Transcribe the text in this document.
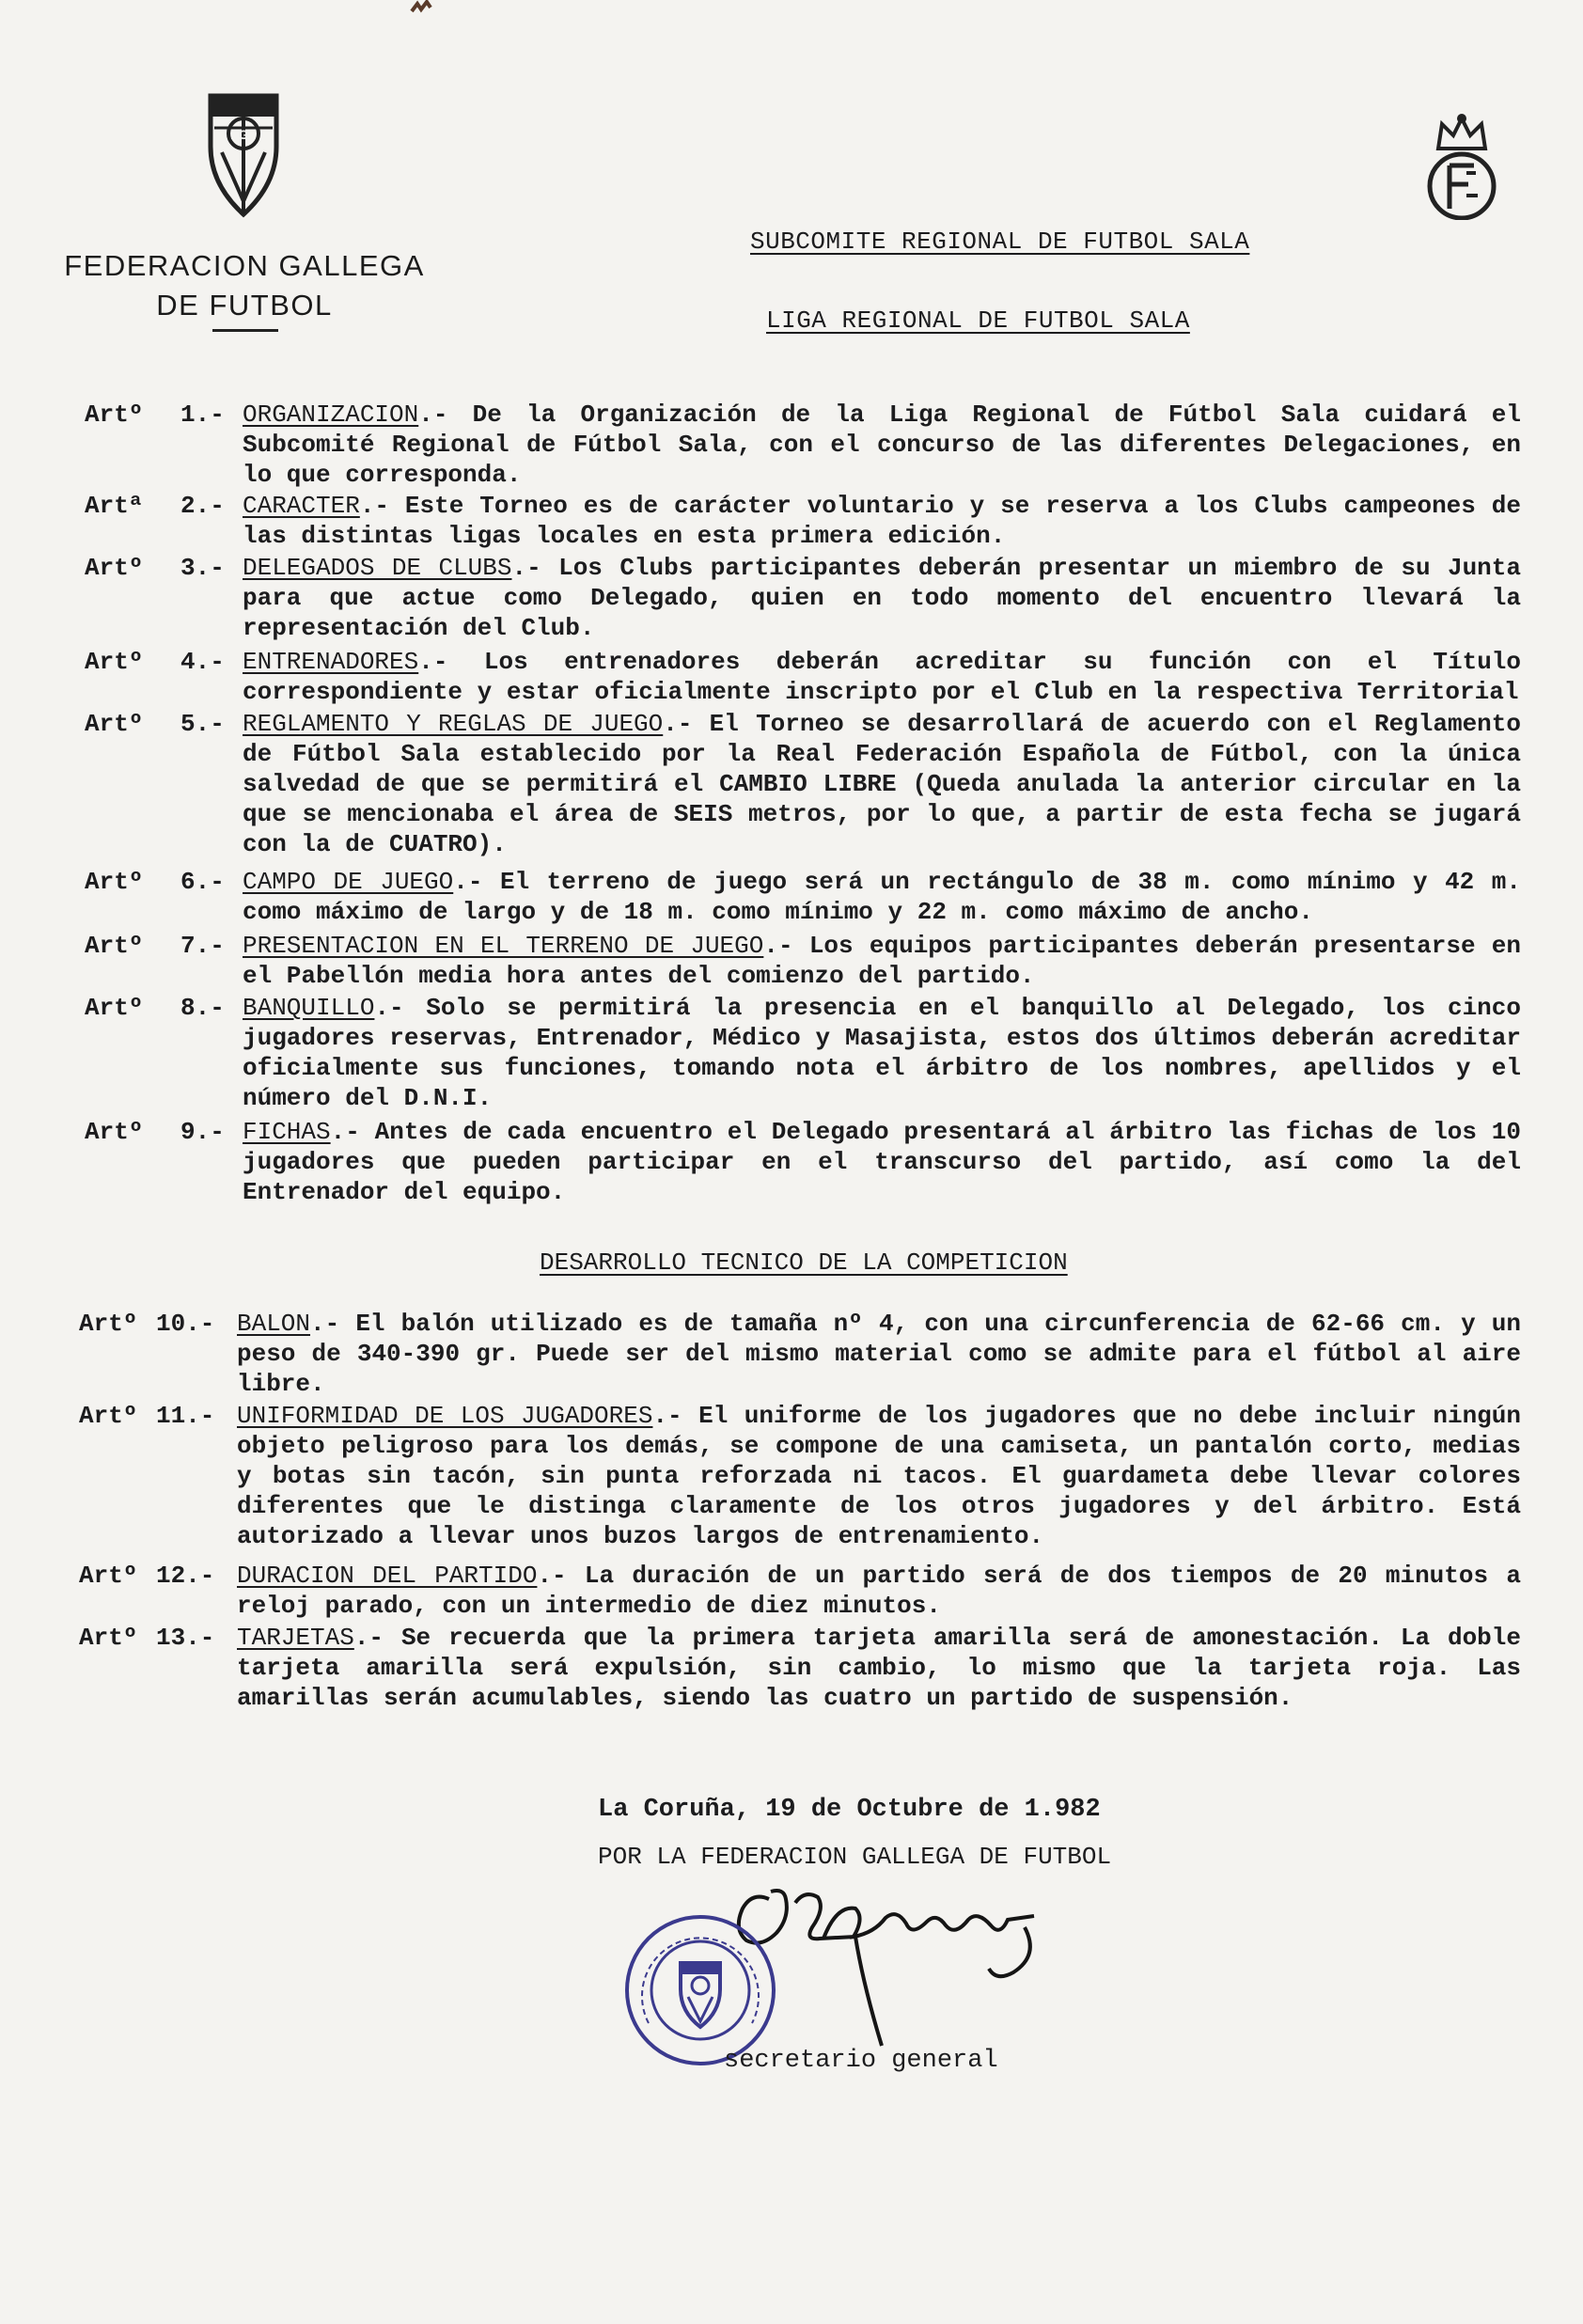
FGF
FEDERACION GALLEGA
DE FUTBOL
SUBCOMITE REGIONAL DE FUTBOL SALA
LIGA REGIONAL DE FUTBOL SALA
Artº 1.- ORGANIZACION.- De la Organización de la Liga Regional de Fútbol Sala cuidará el Subcomité Regional de Fútbol Sala, con el concurso de las diferentes Delegaciones, en lo que corresponda.
Artª 2.- CARACTER.- Este Torneo es de carácter voluntario y se reserva a los Clubs campeones de las distintas ligas locales en esta primera edición.
Artº 3.- DELEGADOS DE CLUBS.- Los Clubs participantes deberán presentar un miembro de su Junta para que actue como Delegado, quien en todo momento del encuentro llevará la representación del Club.
Artº 4.- ENTRENADORES.- Los entrenadores deberán acreditar su función con el Título correspondiente y estar oficialmente inscripto por el Club en la respectiva Territorial
Artº 5.- REGLAMENTO Y REGLAS DE JUEGO.- El Torneo se desarrollará de acuerdo con el Reglamento de Fútbol Sala establecido por la Real Federación Española de Fútbol, con la única salvedad de que se permitirá el CAMBIO LIBRE (Queda anulada la anterior circular en la que se mencionaba el área de SEIS metros, por lo que, a partir de esta fecha se jugará con la de CUATRO).
Artº 6.- CAMPO DE JUEGO.- El terreno de juego será un rectángulo de 38 m. como mínimo y 42 m. como máximo de largo y de 18 m. como mínimo y 22 m. como máximo de ancho.
Artº 7.- PRESENTACION EN EL TERRENO DE JUEGO.- Los equipos participantes deberán presentarse en el Pabellón media hora antes del comienzo del partido.
Artº 8.- BANQUILLO.- Solo se permitirá la presencia en el banquillo al Delegado, los cinco jugadores reservas, Entrenador, Médico y Masajista, estos dos últimos deberán acreditar oficialmente sus funciones, tomando nota el árbitro de los nombres, apellidos y el número del D.N.I.
Artº 9.- FICHAS.- Antes de cada encuentro el Delegado presentará al árbitro las fichas de los 10 jugadores que pueden participar en el transcurso del partido, así como la del Entrenador del equipo.
DESARROLLO TECNICO DE LA COMPETICION
Artº 10.- BALON.- El balón utilizado es de tamaña nº 4, con una circunferencia de 62-66 cm. y un peso de 340-390 gr. Puede ser del mismo material como se admite para el fútbol al aire libre.
Artº 11.- UNIFORMIDAD DE LOS JUGADORES.- El uniforme de los jugadores que no debe incluir ningún objeto peligroso para los demás, se compone de una camiseta, un pantalón corto, medias y botas sin tacón, sin punta reforzada ni tacos. El guardameta debe llevar colores diferentes que le distinga claramente de los otros jugadores y del árbitro. Está autorizado a llevar unos buzos largos de entrenamiento.
Artº 12.- DURACION DEL PARTIDO.- La duración de un partido será de dos tiempos de 20 minutos a reloj parado, con un intermedio de diez minutos.
Artº 13.- TARJETAS.- Se recuerda que la primera tarjeta amarilla será de amonestación. La doble tarjeta amarilla será expulsión, sin cambio, lo mismo que la tarjeta roja. Las amarillas serán acumulables, siendo las cuatro un partido de suspensión.
La Coruña, 19 de Octubre de 1.982
POR LA FEDERACION GALLEGA DE FUTBOL
secretario general
